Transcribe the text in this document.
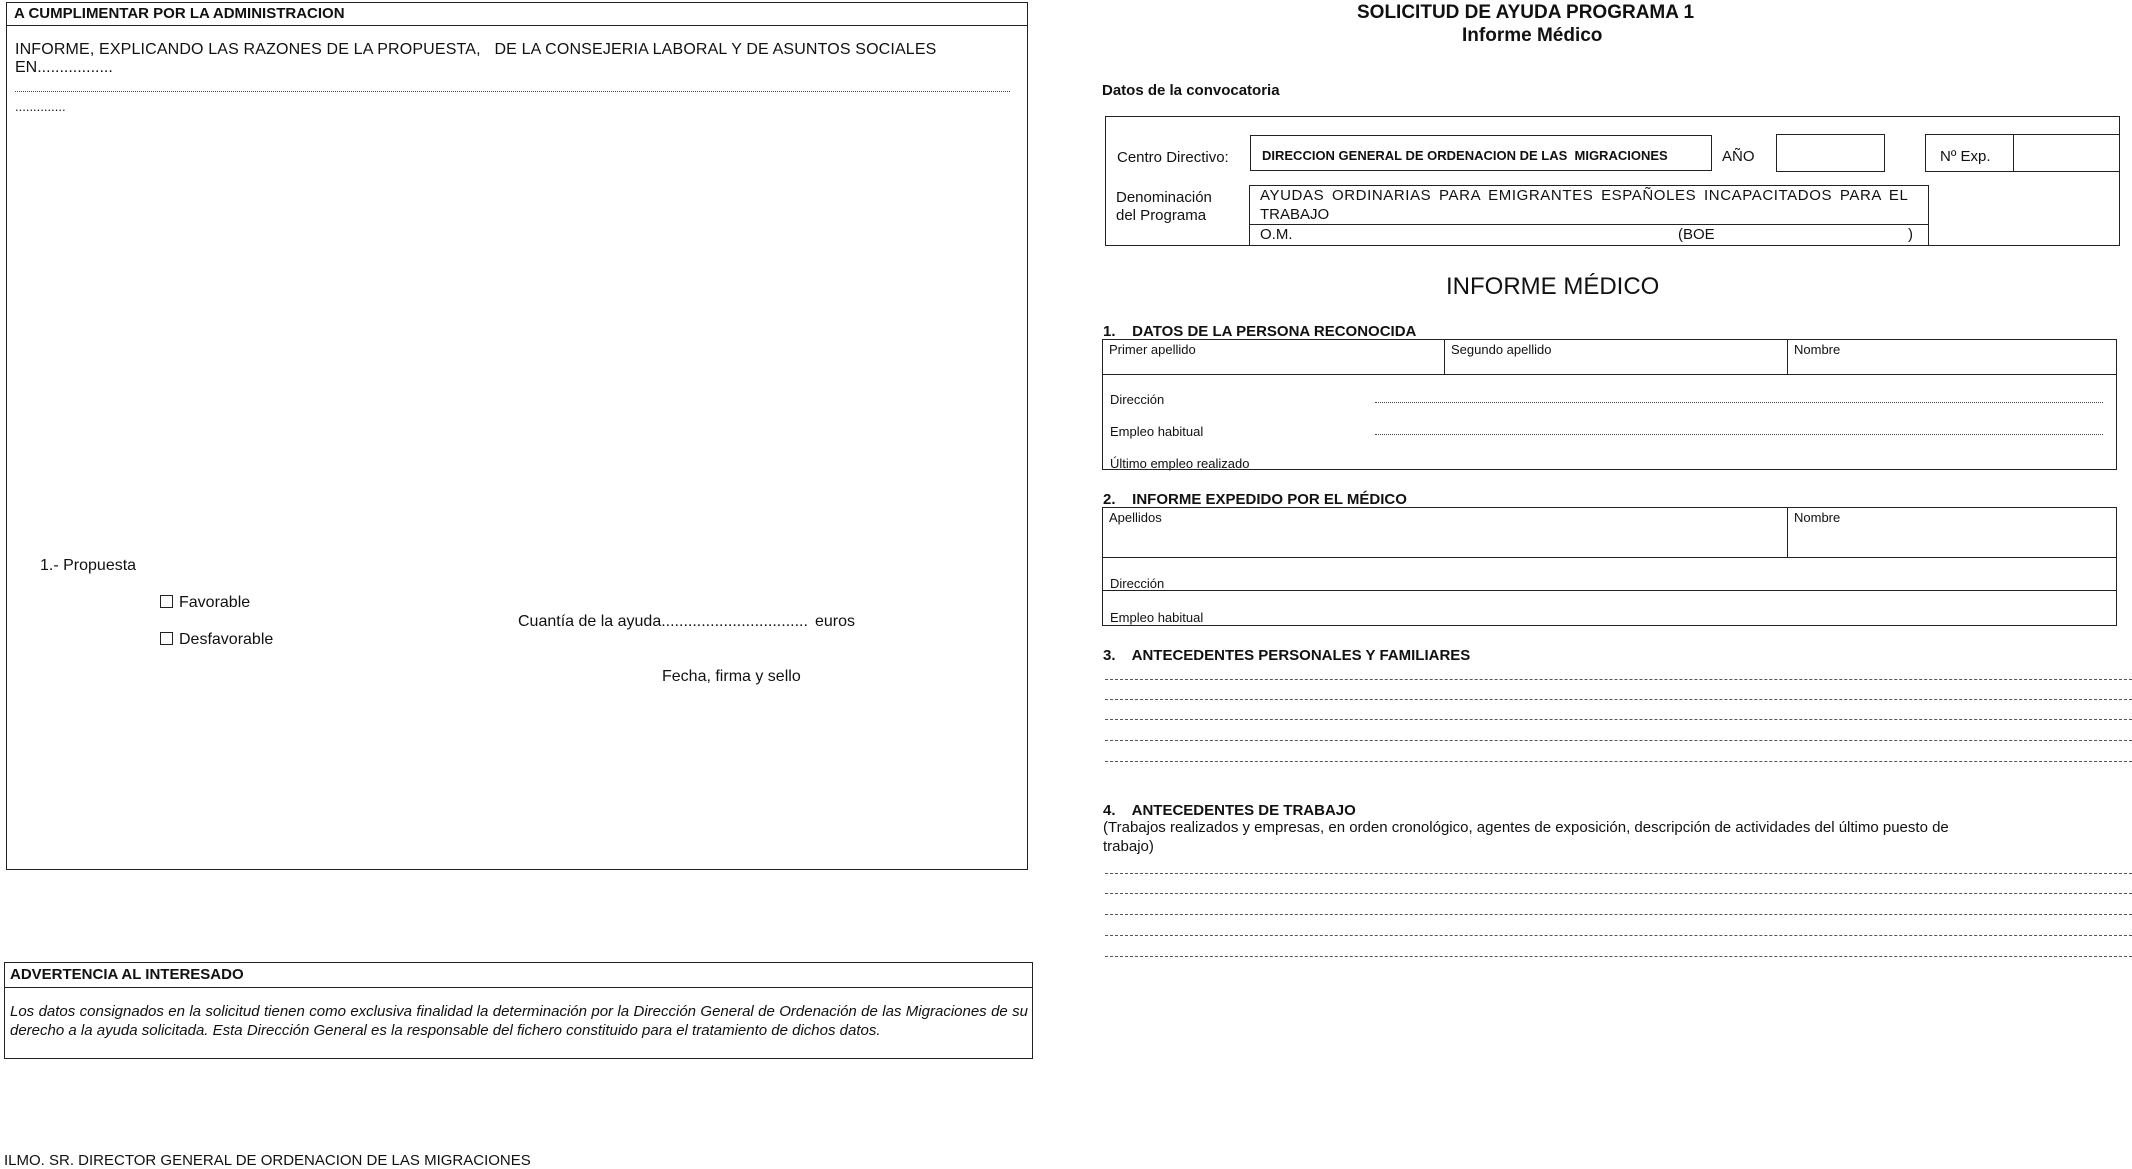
A CUMPLIMENTAR POR LA ADMINISTRACION
INFORME, EXPLICANDO LAS RAZONES DE LA PROPUESTA,   DE LA CONSEJERIA LABORAL Y DE ASUNTOS SOCIALES
EN.................
..............
1.- Propuesta
Favorable
Desfavorable
Cuantía de la ayuda................................. euros
Fecha, firma y sello
ADVERTENCIA AL INTERESADO
Los datos consignados en la solicitud tienen como exclusiva finalidad la determinación por la Dirección General de Ordenación de las Migraciones de su derecho a la ayuda solicitada. Esta Dirección General es la responsable del fichero constituido para el tratamiento de dichos datos.
ILMO. SR. DIRECTOR GENERAL DE ORDENACION DE LAS MIGRACIONES
SOLICITUD DE AYUDA PROGRAMA 1
Informe Médico
Datos de la convocatoria
Centro Directivo:	DIRECCION GENERAL DE ORDENACION DE LAS  MIGRACIONES	AÑO	Nº Exp.
Denominación
del Programa
AYUDAS ORDINARIAS PARA EMIGRANTES ESPAÑOLES INCAPACITADOS PARA EL
TRABAJO
O.M.	(BOE	)
INFORME MÉDICO
1.    DATOS DE LA PERSONA RECONOCIDA
Primer apellido	Segundo apellido	Nombre
Dirección
Empleo habitual
Último empleo realizado
2.    INFORME EXPEDIDO POR EL MÉDICO
Apellidos	Nombre
Dirección
Empleo habitual
3.    ANTECEDENTES PERSONALES Y FAMILIARES
4.    ANTECEDENTES DE TRABAJO
(Trabajos realizados y empresas, en orden cronológico, agentes de exposición, descripción de actividades del último puesto de trabajo)
